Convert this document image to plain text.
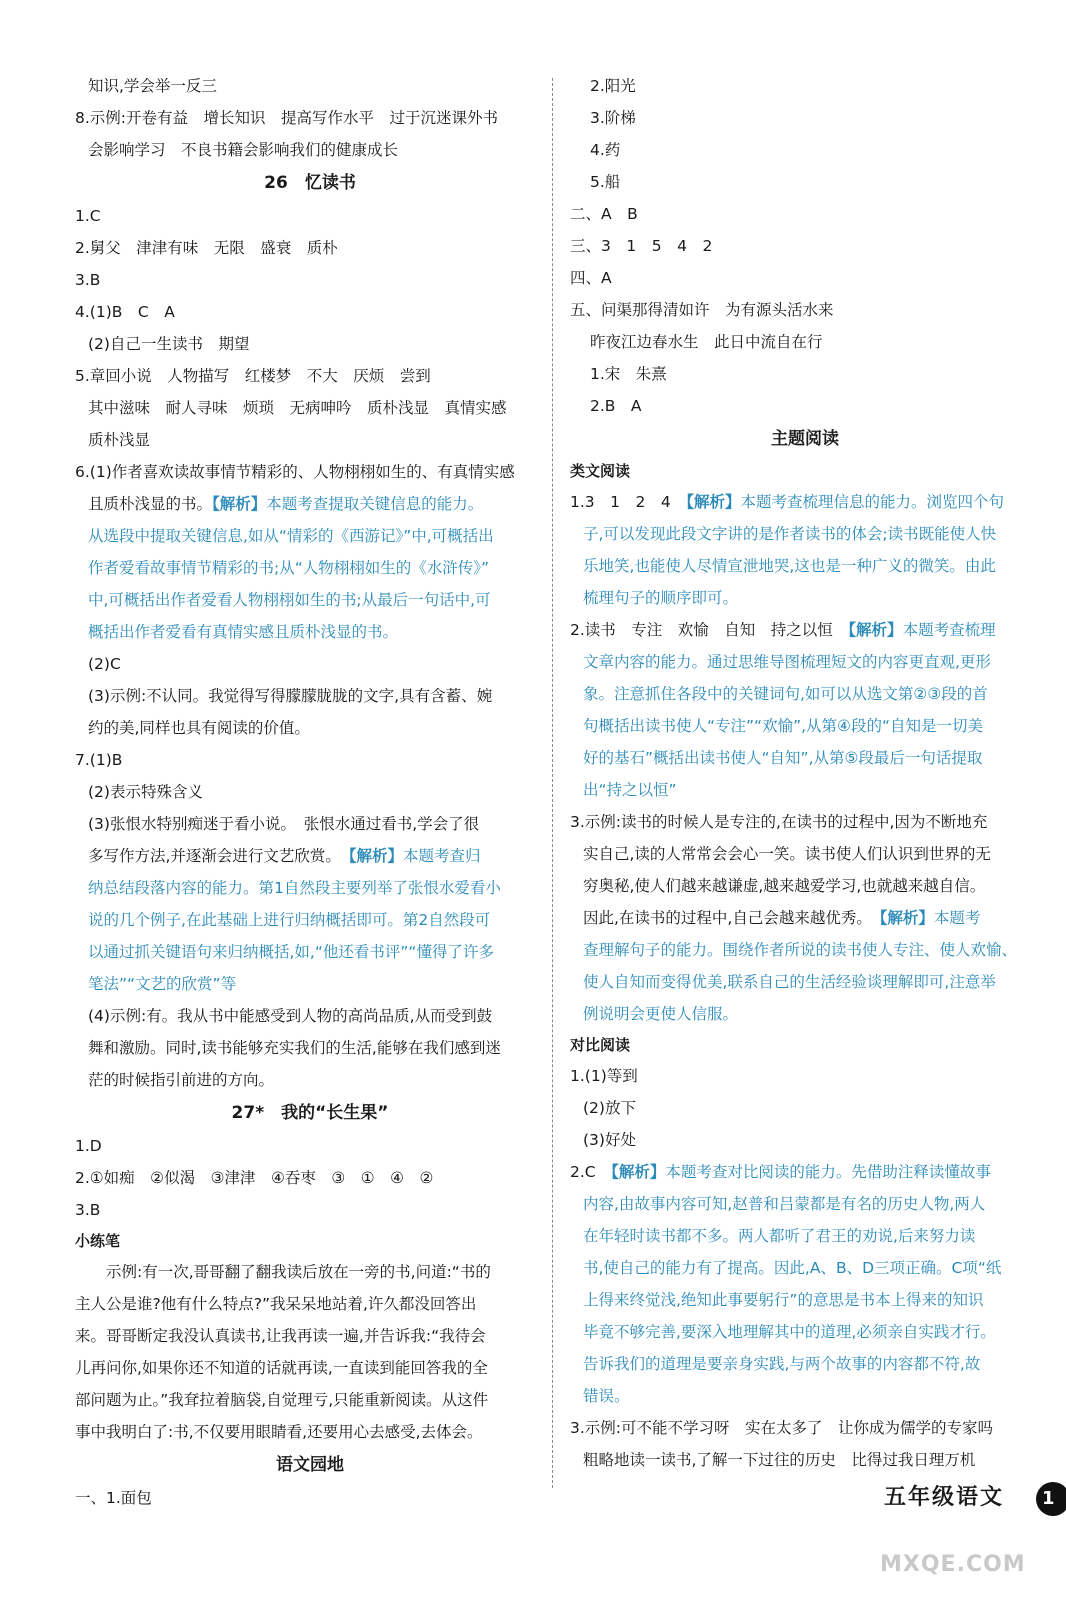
知识,学会举一反三
8.示例:开卷有益　增长知识　提高写作水平　过于沉迷课外书
会影响学习　不良书籍会影响我们的健康成长
26　忆读书
1.C
2.舅父　津津有味　无限　盛衰　质朴
3.B
4.(1)B　C　A
(2)自己一生读书　期望
5.章回小说　人物描写　红楼梦　不大　厌烦　尝到
其中滋味　耐人寻味　烦琐　无病呻吟　质朴浅显　真情实感
质朴浅显
6.(1)作者喜欢读故事情节精彩的、人物栩栩如生的、有真情实感
且质朴浅显的书。【解析】本题考查提取关键信息的能力。
从选段中提取关键信息,如从“情彩的《西游记》”中,可概括出
作者爱看故事情节精彩的书;从“人物栩栩如生的《水浒传》”
中,可概括出作者爱看人物栩栩如生的书;从最后一句话中,可
概括出作者爱看有真情实感且质朴浅显的书。
(2)C
(3)示例:不认同。我觉得写得朦朦胧胧的文字,具有含蓄、婉
约的美,同样也具有阅读的价值。
7.(1)B
(2)表示特殊含义
(3)张恨水特别痴迷于看小说。　张恨水通过看书,学会了很
多写作方法,并逐渐会进行文艺欣赏。　【解析】本题考查归
纳总结段落内容的能力。第1自然段主要列举了张恨水爱看小
说的几个例子,在此基础上进行归纳概括即可。第2自然段可
以通过抓关键语句来归纳概括,如,“他还看书评”“懂得了许多
笔法”“文艺的欣赏”等
(4)示例:有。我从书中能感受到人物的高尚品质,从而受到鼓
舞和激励。同时,读书能够充实我们的生活,能够在我们感到迷
茫的时候指引前进的方向。
27*　我的“长生果”
1.D
2.①如痴　②似渴　③津津　④吞枣　③　①　④　②
3.B
小练笔
示例:有一次,哥哥翻了翻我读后放在一旁的书,问道:“书的
主人公是谁?他有什么特点?”我呆呆地站着,许久都没回答出
来。哥哥断定我没认真读书,让我再读一遍,并告诉我:“我待会
儿再问你,如果你还不知道的话就再读,一直读到能回答我的全
部问题为止。”我耷拉着脑袋,自觉理亏,只能重新阅读。从这件
事中我明白了:书,不仅要用眼睛看,还要用心去感受,去体会。
语文园地
一、1.面包
2.阳光
3.阶梯
4.药
5.船
二、A　B
三、3　1　5　4　2
四、A
五、问渠那得清如许　为有源头活水来
昨夜江边春水生　此日中流自在行
1.宋　朱熹
2.B　A
主题阅读
类文阅读
1.3　1　2　4　【解析】本题考查梳理信息的能力。浏览四个句
子,可以发现此段文字讲的是作者读书的体会;读书既能使人快
乐地笑,也能使人尽情宣泄地哭,这也是一种广义的微笑。由此
梳理句子的顺序即可。
2.读书　专注　欢愉　自知　持之以恒　【解析】本题考查梳理
文章内容的能力。通过思维导图梳理短文的内容更直观,更形
象。注意抓住各段中的关键词句,如可以从选文第②③段的首
句概括出读书使人“专注”“欢愉”,从第④段的“自知是一切美
好的基石”概括出读书使人“自知”,从第⑤段最后一句话提取
出“持之以恒”
3.示例:读书的时候人是专注的,在读书的过程中,因为不断地充
实自己,读的人常常会会心一笑。读书使人们认识到世界的无
穷奥秘,使人们越来越谦虚,越来越爱学习,也就越来越自信。
因此,在读书的过程中,自己会越来越优秀。　【解析】本题考
查理解句子的能力。围绕作者所说的读书使人专注、使人欢愉、
使人自知而变得优美,联系自己的生活经验谈理解即可,注意举
例说明会更使人信服。
对比阅读
1.(1)等到
(2)放下
(3)好处
2.C　【解析】本题考查对比阅读的能力。先借助注释读懂故事
内容,由故事内容可知,赵普和吕蒙都是有名的历史人物,两人
在年轻时读书都不多。两人都听了君王的劝说,后来努力读
书,使自己的能力有了提高。因此,A、B、D三项正确。C项“纸
上得来终觉浅,绝知此事要躬行”的意思是书本上得来的知识
毕竟不够完善,要深入地理解其中的道理,必须亲自实践才行。
告诉我们的道理是要亲身实践,与两个故事的内容都不符,故
错误。
3.示例:可不能不学习呀　实在太多了　让你成为儒学的专家吗
粗略地读一读书,了解一下过往的历史　比得过我日理万机
五年级语文	1
MXQE.COM
